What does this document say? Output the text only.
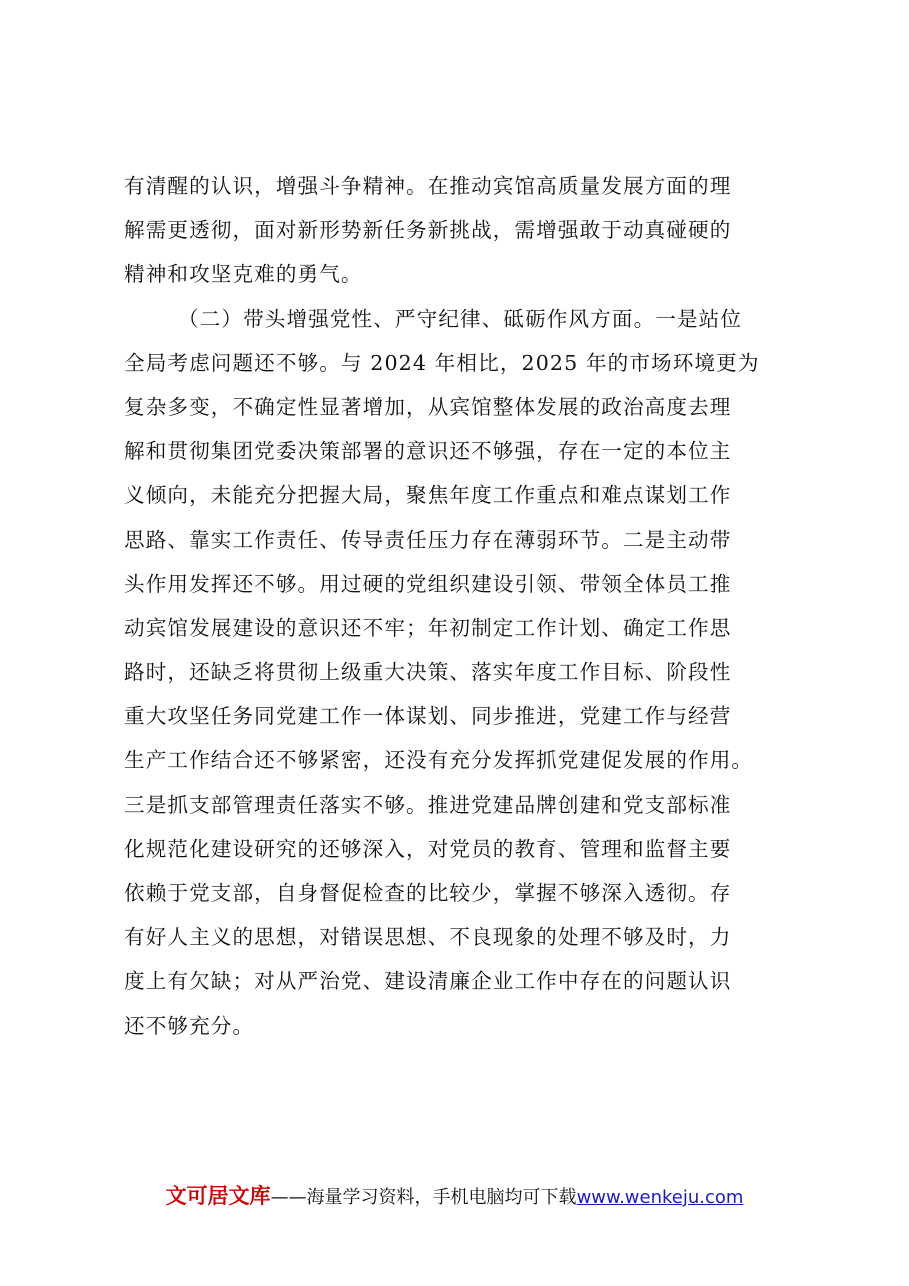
有清醒的认识，增强斗争精神。在推动宾馆高质量发展方面的理
解需更透彻，面对新形势新任务新挑战，需增强敢于动真碰硬的
精神和攻坚克难的勇气。
（二）带头增强党性、严守纪律、砥砺作风方面。一是站位
全局考虑问题还不够。与 2024 年相比，2025 年的市场环境更为
复杂多变，不确定性显著增加，从宾馆整体发展的政治高度去理
解和贯彻集团党委决策部署的意识还不够强，存在一定的本位主
义倾向，未能充分把握大局，聚焦年度工作重点和难点谋划工作
思路、靠实工作责任、传导责任压力存在薄弱环节。二是主动带
头作用发挥还不够。用过硬的党组织建设引领、带领全体员工推
动宾馆发展建设的意识还不牢；年初制定工作计划、确定工作思
路时，还缺乏将贯彻上级重大决策、落实年度工作目标、阶段性
重大攻坚任务同党建工作一体谋划、同步推进，党建工作与经营
生产工作结合还不够紧密，还没有充分发挥抓党建促发展的作用。
三是抓支部管理责任落实不够。推进党建品牌创建和党支部标准
化规范化建设研究的还够深入，对党员的教育、管理和监督主要
依赖于党支部，自身督促检查的比较少，掌握不够深入透彻。存
有好人主义的思想，对错误思想、不良现象的处理不够及时，力
度上有欠缺；对从严治党、建设清廉企业工作中存在的问题认识
还不够充分。
文可居文库——海量学习资料，手机电脑均可下载www.wenkeju.com
